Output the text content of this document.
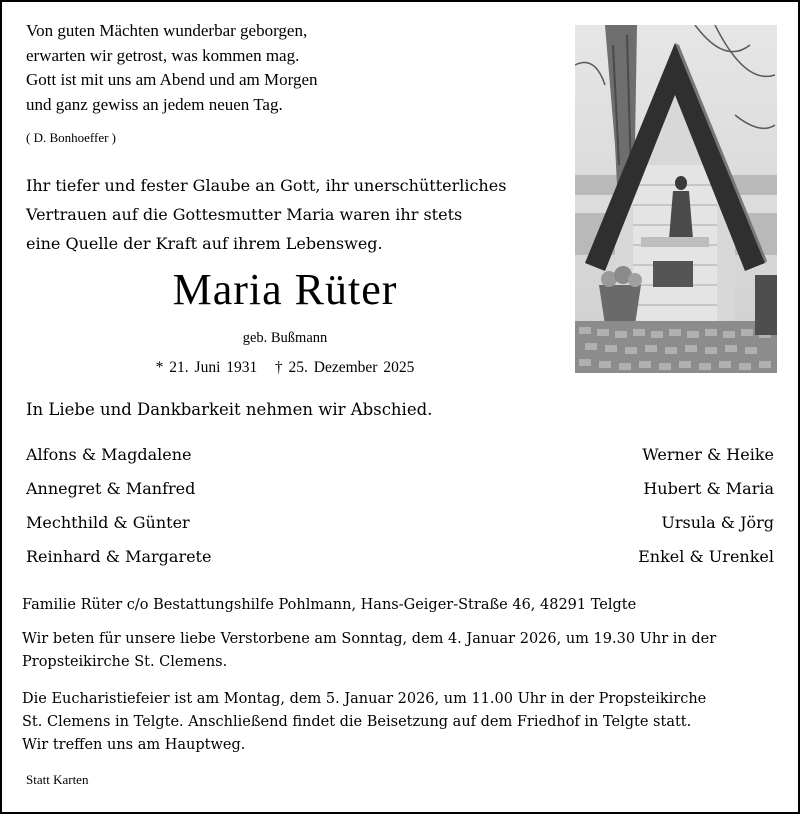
Von guten Mächten wunderbar geborgen,
erwarten wir getrost, was kommen mag.
Gott ist mit uns am Abend und am Morgen
und ganz gewiss an jedem neuen Tag.
( D. Bonhoeffer )
Ihr tiefer und fester Glaube an Gott, ihr unerschütterliches
Vertrauen auf die Gottesmutter Maria waren ihr stets
eine Quelle der Kraft auf ihrem Lebensweg.
Maria Rüter
geb. Bußmann
* 21. Juni 1931   † 25. Dezember 2025
In Liebe und Dankbarkeit nehmen wir Abschied.
Alfons & Magdalene
Annegret & Manfred
Mechthild & Günter
Reinhard & Margarete
Werner & Heike
Hubert & Maria
Ursula & Jörg
Enkel & Urenkel
Familie Rüter c/o Bestattungshilfe Pohlmann, Hans-Geiger-Straße 46, 48291 Telgte
Wir beten für unsere liebe Verstorbene am Sonntag, dem 4. Januar 2026, um 19.30 Uhr in der
Propsteikirche St. Clemens.
Die Eucharistiefeier ist am Montag, dem 5. Januar 2026, um 11.00 Uhr in der Propsteikirche
St. Clemens in Telgte. Anschließend findet die Beisetzung auf dem Friedhof in Telgte statt.
Wir treffen uns am Hauptweg.
Statt Karten
